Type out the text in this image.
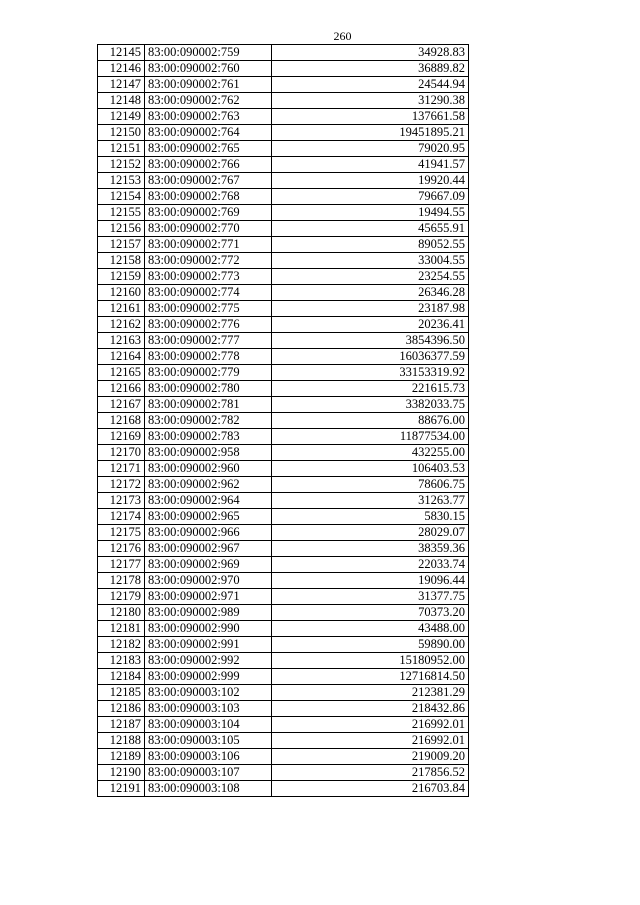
260
12145	83:00:090002:759	34928.83
12146	83:00:090002:760	36889.82
12147	83:00:090002:761	24544.94
12148	83:00:090002:762	31290.38
12149	83:00:090002:763	137661.58
12150	83:00:090002:764	19451895.21
12151	83:00:090002:765	79020.95
12152	83:00:090002:766	41941.57
12153	83:00:090002:767	19920.44
12154	83:00:090002:768	79667.09
12155	83:00:090002:769	19494.55
12156	83:00:090002:770	45655.91
12157	83:00:090002:771	89052.55
12158	83:00:090002:772	33004.55
12159	83:00:090002:773	23254.55
12160	83:00:090002:774	26346.28
12161	83:00:090002:775	23187.98
12162	83:00:090002:776	20236.41
12163	83:00:090002:777	3854396.50
12164	83:00:090002:778	16036377.59
12165	83:00:090002:779	33153319.92
12166	83:00:090002:780	221615.73
12167	83:00:090002:781	3382033.75
12168	83:00:090002:782	88676.00
12169	83:00:090002:783	11877534.00
12170	83:00:090002:958	432255.00
12171	83:00:090002:960	106403.53
12172	83:00:090002:962	78606.75
12173	83:00:090002:964	31263.77
12174	83:00:090002:965	5830.15
12175	83:00:090002:966	28029.07
12176	83:00:090002:967	38359.36
12177	83:00:090002:969	22033.74
12178	83:00:090002:970	19096.44
12179	83:00:090002:971	31377.75
12180	83:00:090002:989	70373.20
12181	83:00:090002:990	43488.00
12182	83:00:090002:991	59890.00
12183	83:00:090002:992	15180952.00
12184	83:00:090002:999	12716814.50
12185	83:00:090003:102	212381.29
12186	83:00:090003:103	218432.86
12187	83:00:090003:104	216992.01
12188	83:00:090003:105	216992.01
12189	83:00:090003:106	219009.20
12190	83:00:090003:107	217856.52
12191	83:00:090003:108	216703.84
